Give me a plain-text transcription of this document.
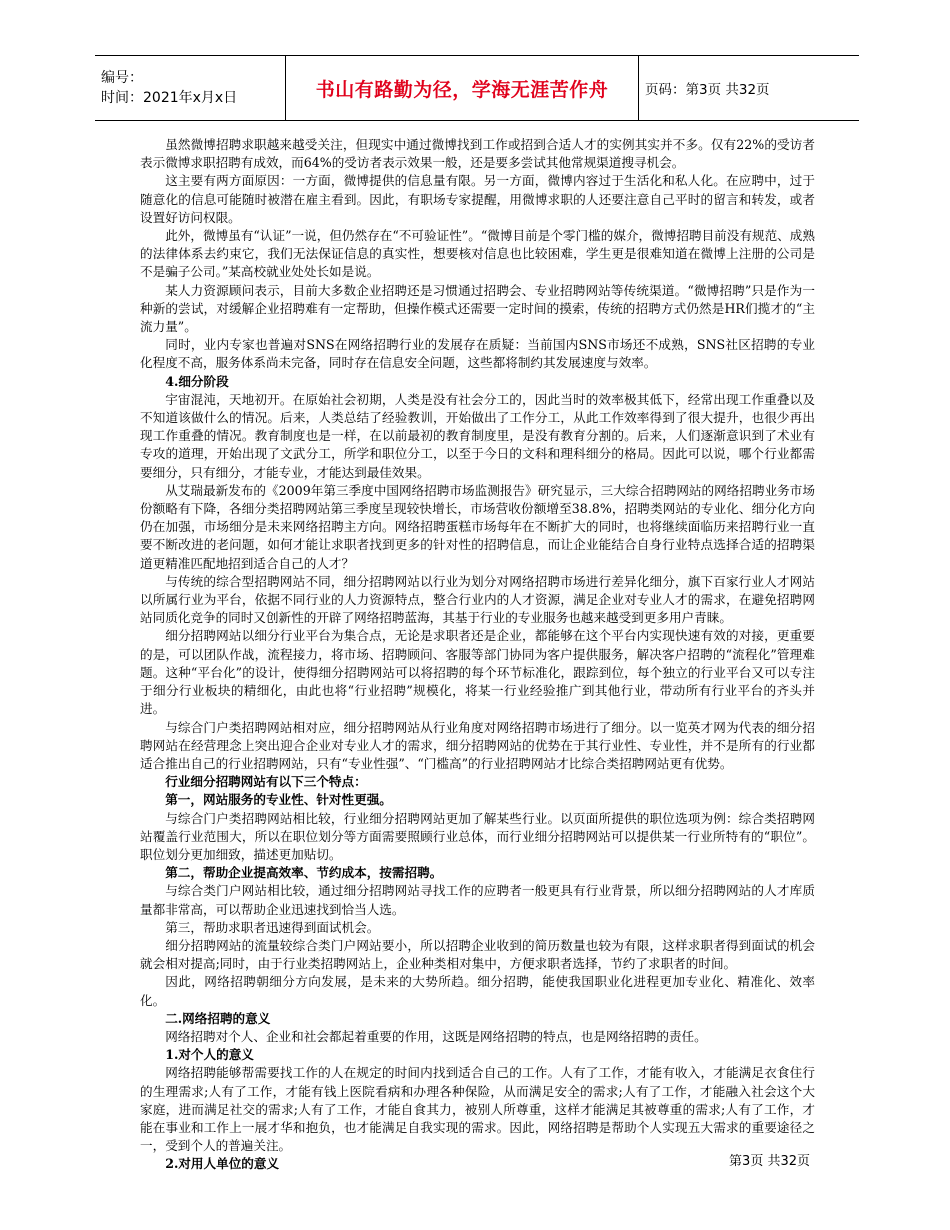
编号：
时间：2021年x月x日	书山有路勤为径，学海无涯苦作舟	页码：第3页 共32页

虽然微博招聘求职越来越受关注，但现实中通过微博找到工作或招到合适人才的实例其实并不多。仅有22%的受访者表示微博求职招聘有成效，而64%的受访者表示效果一般，还是要多尝试其他常规渠道搜寻机会。

这主要有两方面原因：一方面，微博提供的信息量有限。另一方面，微博内容过于生活化和私人化。在应聘中，过于随意化的信息可能随时被潜在雇主看到。因此，有职场专家提醒，用微博求职的人还要注意自己平时的留言和转发，或者设置好访问权限。

此外，微博虽有“认证”一说，但仍然存在“不可验证性”。“微博目前是个零门槛的媒介，微博招聘目前没有规范、成熟的法律体系去约束它，我们无法保证信息的真实性，想要核对信息也比较困难，学生更是很难知道在微博上注册的公司是不是骗子公司。”某高校就业处处长如是说。

某人力资源顾问表示，目前大多数企业招聘还是习惯通过招聘会、专业招聘网站等传统渠道。“微博招聘”只是作为一种新的尝试，对缓解企业招聘难有一定帮助，但操作模式还需要一定时间的摸索，传统的招聘方式仍然是HR们揽才的“主流力量”。

同时，业内专家也普遍对SNS在网络招聘行业的发展存在质疑：当前国内SNS市场还不成熟，SNS社区招聘的专业化程度不高，服务体系尚未完备，同时存在信息安全问题，这些都将制约其发展速度与效率。

4.细分阶段

宇宙混沌，天地初开。在原始社会初期，人类是没有社会分工的，因此当时的效率极其低下，经常出现工作重叠以及不知道该做什么的情况。后来，人类总结了经验教训，开始做出了工作分工，从此工作效率得到了很大提升，也很少再出现工作重叠的情况。教育制度也是一样，在以前最初的教育制度里，是没有教育分割的。后来，人们逐渐意识到了术业有专攻的道理，开始出现了文武分工，所学和职位分工，以至于今日的文科和理科细分的格局。因此可以说，哪个行业都需要细分，只有细分，才能专业，才能达到最佳效果。

从艾瑞最新发布的《2009年第三季度中国网络招聘市场监测报告》研究显示，三大综合招聘网站的网络招聘业务市场份额略有下降，各细分类招聘网站第三季度呈现较快增长，市场营收份额增至38.8%，招聘类网站的专业化、细分化方向仍在加强，市场细分是未来网络招聘主方向。网络招聘蛋糕市场每年在不断扩大的同时，也将继续面临历来招聘行业一直要不断改进的老问题，如何才能让求职者找到更多的针对性的招聘信息，而让企业能结合自身行业特点选择合适的招聘渠道更精准匹配地招到适合自己的人才？

与传统的综合型招聘网站不同，细分招聘网站以行业为划分对网络招聘市场进行差异化细分，旗下百家行业人才网站以所属行业为平台，依据不同行业的人力资源特点，整合行业内的人才资源，满足企业对专业人才的需求，在避免招聘网站同质化竞争的同时又创新性的开辟了网络招聘蓝海，其基于行业的专业服务也越来越受到更多用户青睐。

细分招聘网站以细分行业平台为集合点，无论是求职者还是企业，都能够在这个平台内实现快速有效的对接，更重要的是，可以团队作战，流程接力，将市场、招聘顾问、客服等部门协同为客户提供服务，解决客户招聘的“流程化”管理难题。这种“平台化”的设计，使得细分招聘网站可以将招聘的每个环节标准化，跟踪到位，每个独立的行业平台又可以专注于细分行业板块的精细化，由此也将“行业招聘”规模化，将某一行业经验推广到其他行业，带动所有行业平台的齐头并进。

与综合门户类招聘网站相对应，细分招聘网站从行业角度对网络招聘市场进行了细分。以一览英才网为代表的细分招聘网站在经营理念上突出迎合企业对专业人才的需求，细分招聘网站的优势在于其行业性、专业性，并不是所有的行业都适合推出自己的行业招聘网站，只有“专业性强”、“门槛高”的行业招聘网站才比综合类招聘网站更有优势。

行业细分招聘网站有以下三个特点：

第一，网站服务的专业性、针对性更强。

与综合门户类招聘网站相比较，行业细分招聘网站更加了解某些行业。以页面所提供的职位选项为例：综合类招聘网站覆盖行业范围大，所以在职位划分等方面需要照顾行业总体，而行业细分招聘网站可以提供某一行业所特有的“职位”。职位划分更加细致，描述更加贴切。

第二，帮助企业提高效率、节约成本，按需招聘。

与综合类门户网站相比较，通过细分招聘网站寻找工作的应聘者一般更具有行业背景，所以细分招聘网站的人才库质量都非常高，可以帮助企业迅速找到恰当人选。

第三，帮助求职者迅速得到面试机会。

细分招聘网站的流量较综合类门户网站要小，所以招聘企业收到的简历数量也较为有限，这样求职者得到面试的机会就会相对提高;同时，由于行业类招聘网站上，企业种类相对集中，方便求职者选择，节约了求职者的时间。

因此，网络招聘朝细分方向发展，是未来的大势所趋。细分招聘，能使我国职业化进程更加专业化、精准化、效率化。

二.网络招聘的意义

网络招聘对个人、企业和社会都起着重要的作用，这既是网络招聘的特点，也是网络招聘的责任。

1.对个人的意义

网络招聘能够帮需要找工作的人在规定的时间内找到适合自己的工作。人有了工作，才能有收入，才能满足衣食住行的生理需求;人有了工作，才能有钱上医院看病和办理各种保险，从而满足安全的需求;人有了工作，才能融入社会这个大家庭，进而满足社交的需求;人有了工作，才能自食其力，被别人所尊重，这样才能满足其被尊重的需求;人有了工作，才能在事业和工作上一展才华和抱负，也才能满足自我实现的需求。因此，网络招聘是帮助个人实现五大需求的重要途径之一，受到个人的普遍关注。

2.对用人单位的意义	第3页 共32页
